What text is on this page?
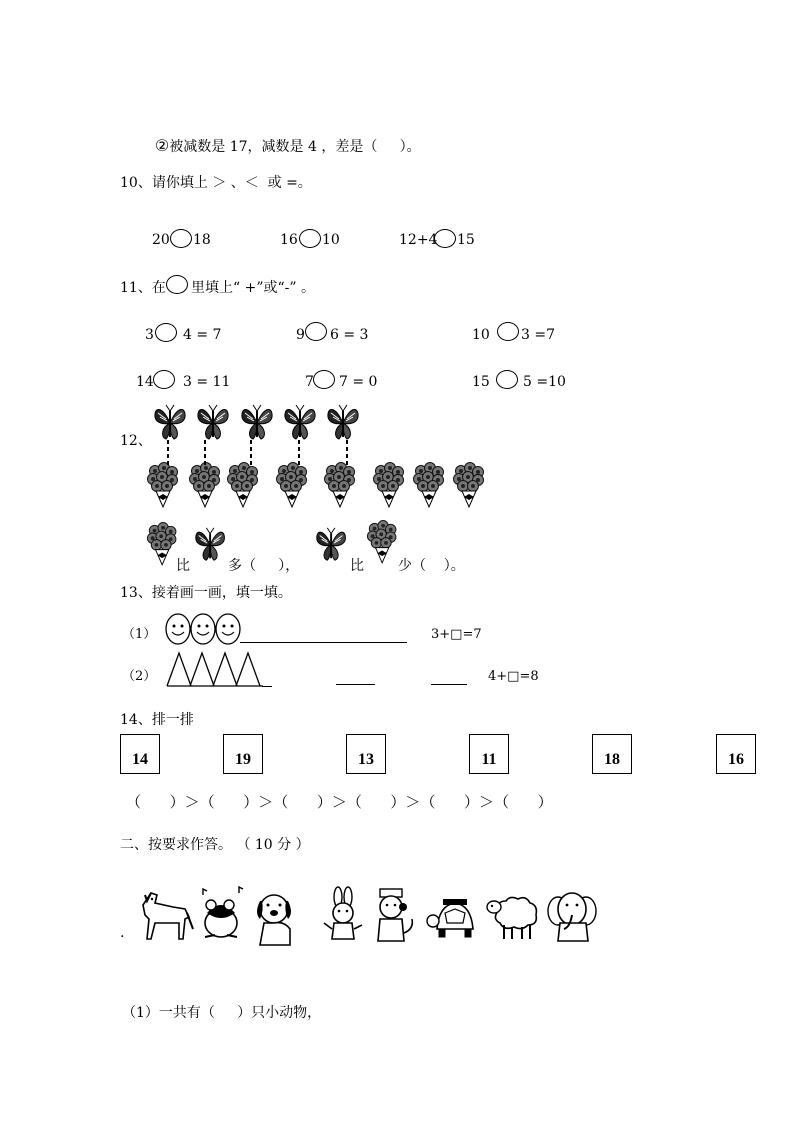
②被减数是 17，减数是 4 ，差是（     ）。

10、请你填上 ＞ 、＜  或 =。
20 18	16 10	12+4 15
11、在 里填上“ +”或“-” 。
3 4 = 7	9 6 = 3	10 3 =7
14 3 = 11	7 7 = 0	15 5 =10
12、
比	多（     ），	比 少（    ）。
13、接着画一画，填一填。
（1）	3+□=7
（2）	4+□=8
14、排一排
14	19	13	11	18	16
（      ）＞（      ）＞（      ）＞（      ）＞（      ）＞（      ）
二、按要求作答。 （ 10 分 ）
.
（1）一共有（     ）只小动物，
